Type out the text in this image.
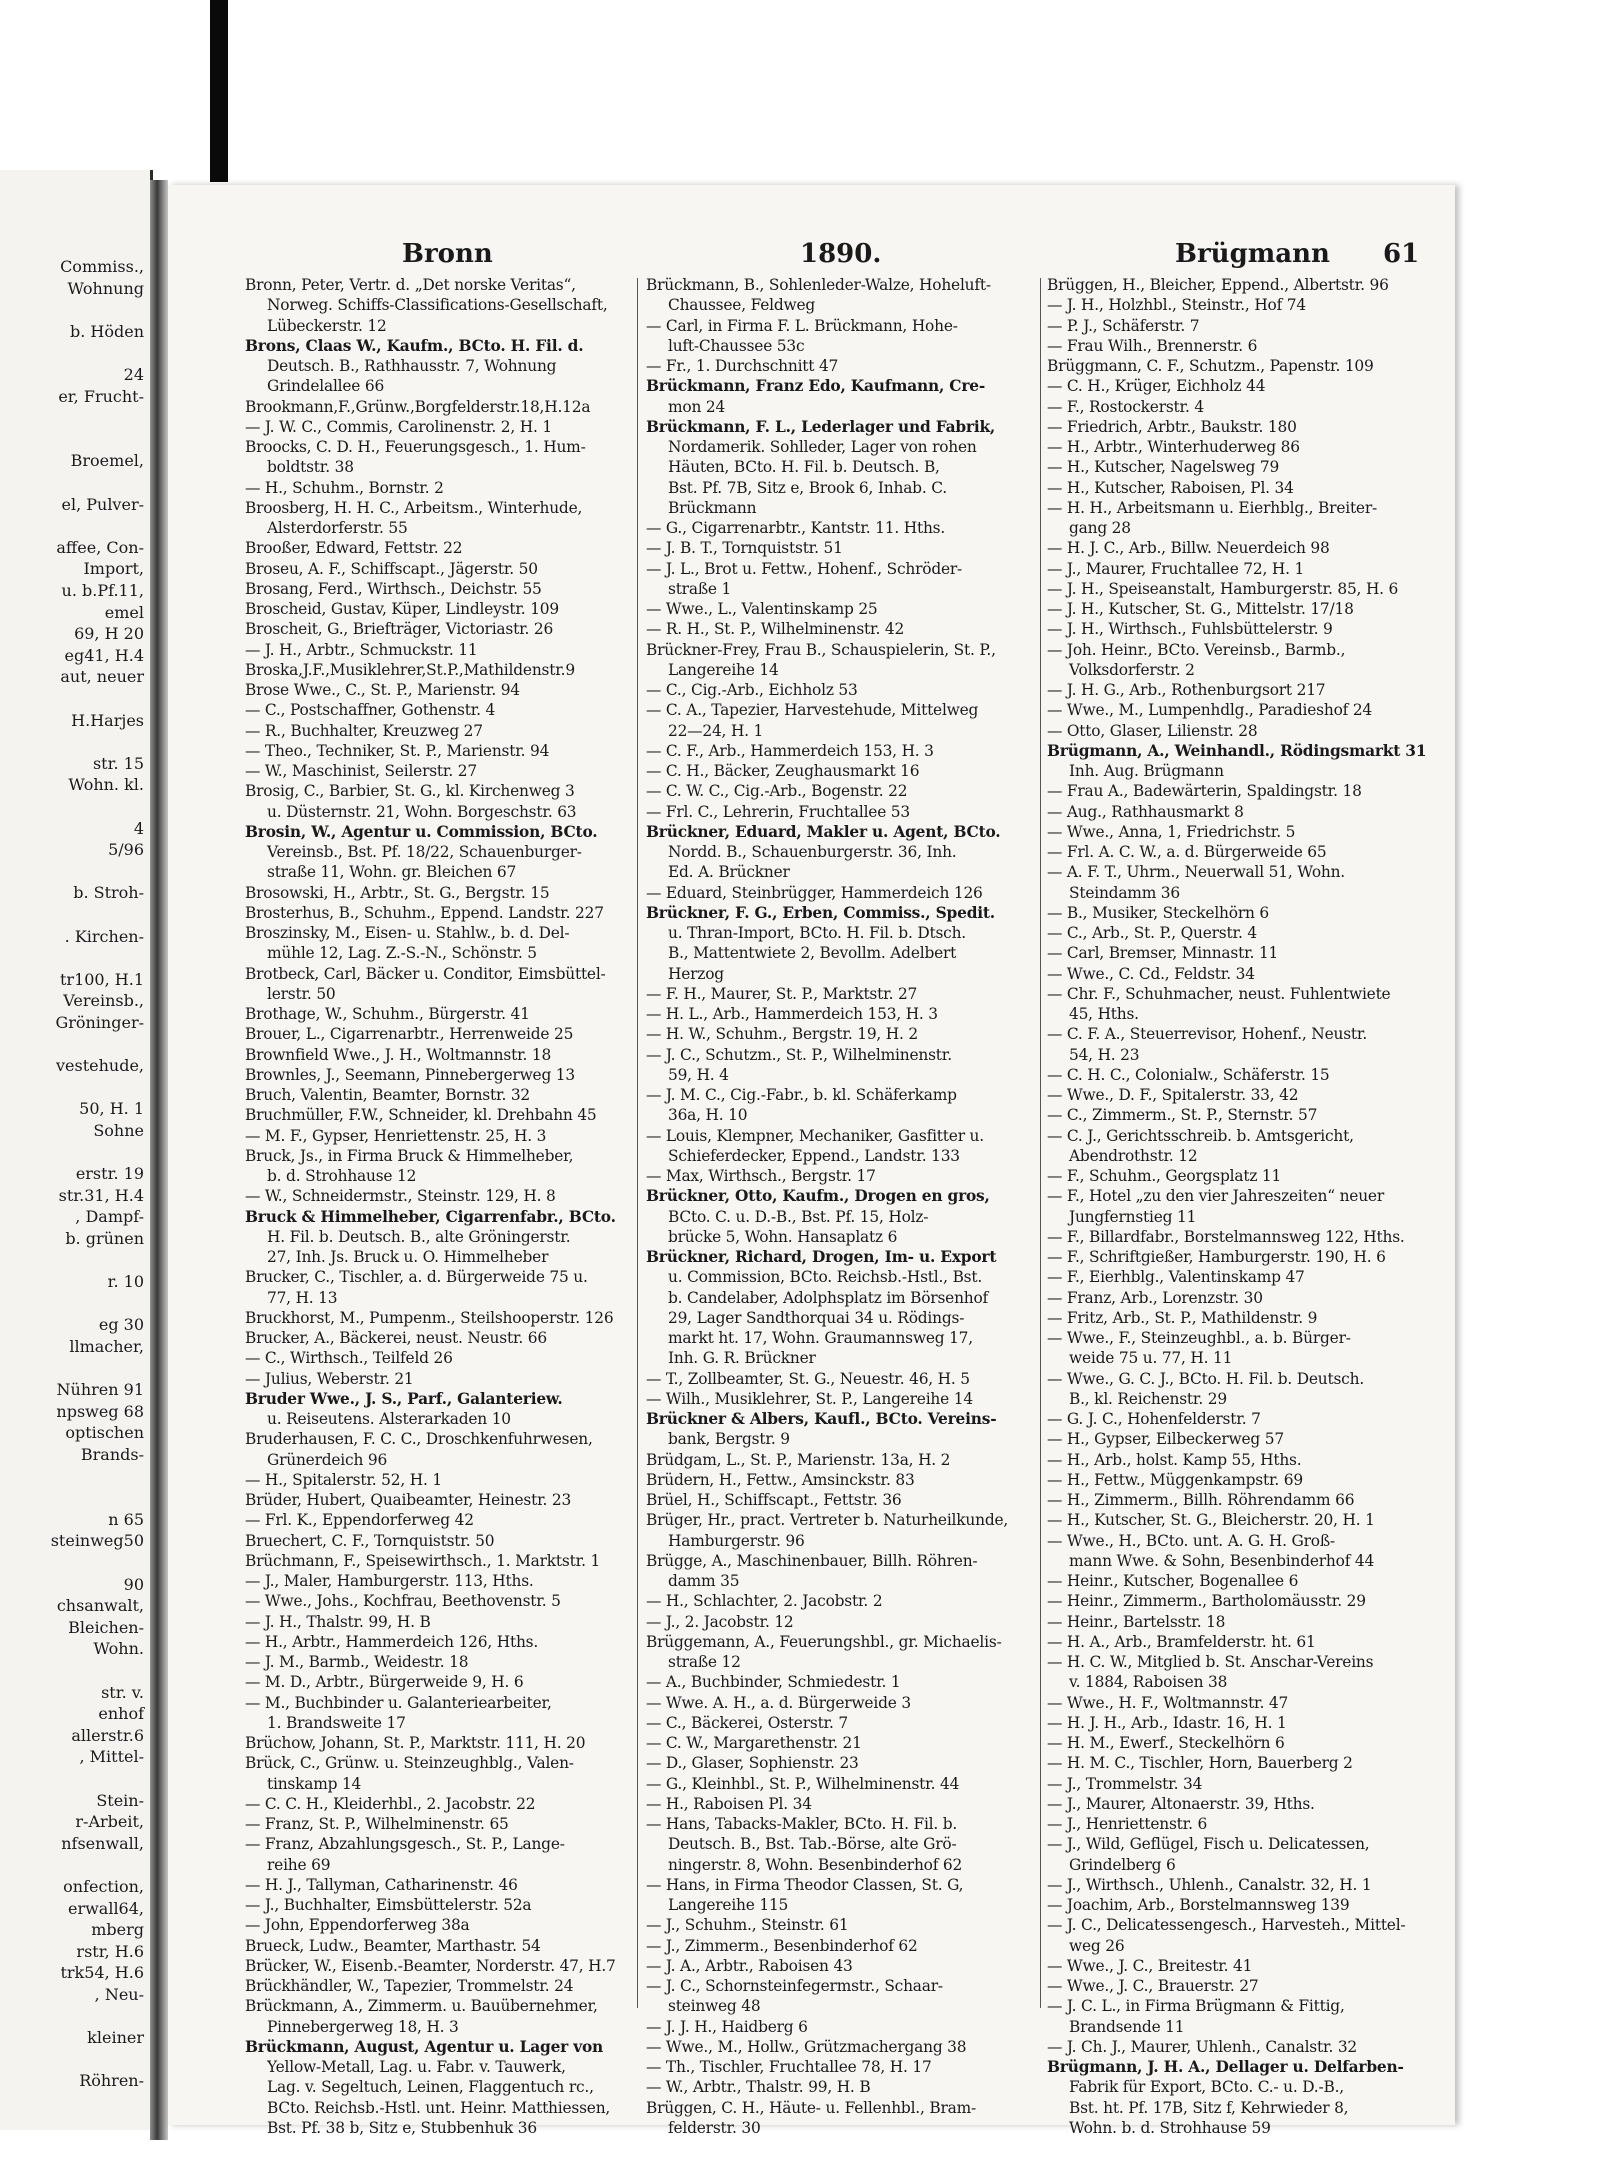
Bronn	1890.	Brügmann 61
Bronn, Peter, Vertr. d. „Det norske Veritas“,
Norweg. Schiffs-Classifications-Gesellschaft,
Lübeckerstr. 12
Brons, Claas W., Kaufm., BCto. H. Fil. d.
Deutsch. B., Rathhausstr. 7, Wohnung
Grindelallee 66
Brookmann,F.,Grünw.,Borgfelderstr.18,H.12a
— J. W. C., Commis, Carolinenstr. 2, H. 1
Broocks, C. D. H., Feuerungsgesch., 1. Hum-
boldtstr. 38
— H., Schuhm., Bornstr. 2
Broosberg, H. H. C., Arbeitsm., Winterhude,
Alsterdorferstr. 55
Brooßer, Edward, Fettstr. 22
Broseu, A. F., Schiffscapt., Jägerstr. 50
Brosang, Ferd., Wirthsch., Deichstr. 55
Broscheid, Gustav, Küper, Lindleystr. 109
Broscheit, G., Briefträger, Victoriastr. 26
— J. H., Arbtr., Schmuckstr. 11
Broska,J.F.,Musiklehrer,St.P.,Mathildenstr.9
Brose Wwe., C., St. P., Marienstr. 94
— C., Postschaffner, Gothenstr. 4
— R., Buchhalter, Kreuzweg 27
— Theo., Techniker, St. P., Marienstr. 94
— W., Maschinist, Seilerstr. 27
Brosig, C., Barbier, St. G., kl. Kirchenweg 3
u. Düsternstr. 21, Wohn. Borgeschstr. 63
Brosin, W., Agentur u. Commission, BCto.
Vereinsb., Bst. Pf. 18/22, Schauenburger-
straße 11, Wohn. gr. Bleichen 67
Brosowski, H., Arbtr., St. G., Bergstr. 15
Brosterhus, B., Schuhm., Eppend. Landstr. 227
Broszinsky, M., Eisen- u. Stahlw., b. d. Del-
mühle 12, Lag. Z.-S.-N., Schönstr. 5
Brotbeck, Carl, Bäcker u. Conditor, Eimsbüttel-
lerstr. 50
Brothage, W., Schuhm., Bürgerstr. 41
Brouer, L., Cigarrenarbtr., Herrenweide 25
Brownfield Wwe., J. H., Woltmannstr. 18
Brownles, J., Seemann, Pinnebergerweg 13
Bruch, Valentin, Beamter, Bornstr. 32
Bruchmüller, F.W., Schneider, kl. Drehbahn 45
— M. F., Gypser, Henriettenstr. 25, H. 3
Bruck, Js., in Firma Bruck & Himmelheber,
b. d. Strohhause 12
— W., Schneidermstr., Steinstr. 129, H. 8
Bruck & Himmelheber, Cigarrenfabr., BCto.
H. Fil. b. Deutsch. B., alte Gröningerstr.
27, Inh. Js. Bruck u. O. Himmelheber
Brucker, C., Tischler, a. d. Bürgerweide 75 u.
77, H. 13
Bruckhorst, M., Pumpenm., Steilshooperstr. 126
Brucker, A., Bäckerei, neust. Neustr. 66
— C., Wirthsch., Teilfeld 26
— Julius, Weberstr. 21
Bruder Wwe., J. S., Parf., Galanteriew.
u. Reiseutens. Alsterarkaden 10
Bruderhausen, F. C. C., Droschkenfuhrwesen,
Grünerdeich 96
— H., Spitalerstr. 52, H. 1
Brüder, Hubert, Quaibeamter, Heinestr. 23
— Frl. K., Eppendorferweg 42
Bruechert, C. F., Tornquiststr. 50
Brüchmann, F., Speisewirthsch., 1. Marktstr. 1
— J., Maler, Hamburgerstr. 113, Hths.
— Wwe., Johs., Kochfrau, Beethovenstr. 5
— J. H., Thalstr. 99, H. B
— H., Arbtr., Hammerdeich 126, Hths.
— J. M., Barmb., Weidestr. 18
— M. D., Arbtr., Bürgerweide 9, H. 6
— M., Buchbinder u. Galanteriearbeiter,
1. Brandsweite 17
Brüchow, Johann, St. P., Marktstr. 111, H. 20
Brück, C., Grünw. u. Steinzeughblg., Valen-
tinskamp 14
— C. C. H., Kleiderhbl., 2. Jacobstr. 22
— Franz, St. P., Wilhelminenstr. 65
— Franz, Abzahlungsgesch., St. P., Lange-
reihe 69
— H. J., Tallyman, Catharinenstr. 46
— J., Buchhalter, Eimsbüttelerstr. 52a
— John, Eppendorferweg 38a
Brueck, Ludw., Beamter, Marthastr. 54
Brücker, W., Eisenb.-Beamter, Norderstr. 47, H.7
Brückhändler, W., Tapezier, Trommelstr. 24
Brückmann, A., Zimmerm. u. Bauübernehmer,
Pinnebergerweg 18, H. 3
Brückmann, August, Agentur u. Lager von
Yellow-Metall, Lag. u. Fabr. v. Tauwerk,
Lag. v. Segeltuch, Leinen, Flaggentuch rc.,
BCto. Reichsb.-Hstl. unt. Heinr. Matthiessen,
Bst. Pf. 38 b, Sitz e, Stubbenhuk 36
Brückmann, B., Sohlenleder-Walze, Hoheluft-
Chaussee, Feldweg
— Carl, in Firma F. L. Brückmann, Hohe-
luft-Chaussee 53c
— Fr., 1. Durchschnitt 47
Brückmann, Franz Edo, Kaufmann, Cre-
mon 24
Brückmann, F. L., Lederlager und Fabrik,
Nordamerik. Sohlleder, Lager von rohen
Häuten, BCto. H. Fil. b. Deutsch. B,
Bst. Pf. 7B, Sitz e, Brook 6, Inhab. C.
Brückmann
— G., Cigarrenarbtr., Kantstr. 11. Hths.
— J. B. T., Tornquiststr. 51
— J. L., Brot u. Fettw., Hohenf., Schröder-
straße 1
— Wwe., L., Valentinskamp 25
— R. H., St. P., Wilhelminenstr. 42
Brückner-Frey, Frau B., Schauspielerin, St. P.,
Langereihe 14
— C., Cig.-Arb., Eichholz 53
— C. A., Tapezier, Harvestehude, Mittelweg
22—24, H. 1
— C. F., Arb., Hammerdeich 153, H. 3
— C. H., Bäcker, Zeughausmarkt 16
— C. W. C., Cig.-Arb., Bogenstr. 22
— Frl. C., Lehrerin, Fruchtallee 53
Brückner, Eduard, Makler u. Agent, BCto.
Nordd. B., Schauenburgerstr. 36, Inh.
Ed. A. Brückner
— Eduard, Steinbrügger, Hammerdeich 126
Brückner, F. G., Erben, Commiss., Spedit.
u. Thran-Import, BCto. H. Fil. b. Dtsch.
B., Mattentwiete 2, Bevollm. Adelbert
Herzog
— F. H., Maurer, St. P., Marktstr. 27
— H. L., Arb., Hammerdeich 153, H. 3
— H. W., Schuhm., Bergstr. 19, H. 2
— J. C., Schutzm., St. P., Wilhelminenstr.
59, H. 4
— J. M. C., Cig.-Fabr., b. kl. Schäferkamp
36a, H. 10
— Louis, Klempner, Mechaniker, Gasfitter u.
Schieferdecker, Eppend., Landstr. 133
— Max, Wirthsch., Bergstr. 17
Brückner, Otto, Kaufm., Drogen en gros,
BCto. C. u. D.-B., Bst. Pf. 15, Holz-
brücke 5, Wohn. Hansaplatz 6
Brückner, Richard, Drogen, Im- u. Export
u. Commission, BCto. Reichsb.-Hstl., Bst.
b. Candelaber, Adolphsplatz im Börsenhof
29, Lager Sandthorquai 34 u. Rödings-
markt ht. 17, Wohn. Graumannsweg 17,
Inh. G. R. Brückner
— T., Zollbeamter, St. G., Neuestr. 46, H. 5
— Wilh., Musiklehrer, St. P., Langereihe 14
Brückner & Albers, Kaufl., BCto. Vereins-
bank, Bergstr. 9
Brüdgam, L., St. P., Marienstr. 13a, H. 2
Brüdern, H., Fettw., Amsinckstr. 83
Brüel, H., Schiffscapt., Fettstr. 36
Brüger, Hr., pract. Vertreter b. Naturheilkunde,
Hamburgerstr. 96
Brügge, A., Maschinenbauer, Billh. Röhren-
damm 35
— H., Schlachter, 2. Jacobstr. 2
— J., 2. Jacobstr. 12
Brüggemann, A., Feuerungshbl., gr. Michaelis-
straße 12
— A., Buchbinder, Schmiedestr. 1
— Wwe. A. H., a. d. Bürgerweide 3
— C., Bäckerei, Osterstr. 7
— C. W., Margarethenstr. 21
— D., Glaser, Sophienstr. 23
— G., Kleinhbl., St. P., Wilhelminenstr. 44
— H., Raboisen Pl. 34
— Hans, Tabacks-Makler, BCto. H. Fil. b.
Deutsch. B., Bst. Tab.-Börse, alte Grö-
ningerstr. 8, Wohn. Besenbinderhof 62
— Hans, in Firma Theodor Classen, St. G,
Langereihe 115
— J., Schuhm., Steinstr. 61
— J., Zimmerm., Besenbinderhof 62
— J. A., Arbtr., Raboisen 43
— J. C., Schornsteinfegermstr., Schaar-
steinweg 48
— J. J. H., Haidberg 6
— Wwe., M., Hollw., Grützmachergang 38
— Th., Tischler, Fruchtallee 78, H. 17
— W., Arbtr., Thalstr. 99, H. B
Brüggen, C. H., Häute- u. Fellenhbl., Bram-
felderstr. 30
Brüggen, H., Bleicher, Eppend., Albertstr. 96
— J. H., Holzhbl., Steinstr., Hof 74
— P. J., Schäferstr. 7
— Frau Wilh., Brennerstr. 6
Brüggmann, C. F., Schutzm., Papenstr. 109
— C. H., Krüger, Eichholz 44
— F., Rostockerstr. 4
— Friedrich, Arbtr., Baukstr. 180
— H., Arbtr., Winterhuderweg 86
— H., Kutscher, Nagelsweg 79
— H., Kutscher, Raboisen, Pl. 34
— H. H., Arbeitsmann u. Eierhblg., Breiter-
gang 28
— H. J. C., Arb., Billw. Neuerdeich 98
— J., Maurer, Fruchtallee 72, H. 1
— J. H., Speiseanstalt, Hamburgerstr. 85, H. 6
— J. H., Kutscher, St. G., Mittelstr. 17/18
— J. H., Wirthsch., Fuhlsbüttelerstr. 9
— Joh. Heinr., BCto. Vereinsb., Barmb.,
Volksdorferstr. 2
— J. H. G., Arb., Rothenburgsort 217
— Wwe., M., Lumpenhdlg., Paradieshof 24
— Otto, Glaser, Lilienstr. 28
Brügmann, A., Weinhandl., Rödingsmarkt 31
Inh. Aug. Brügmann
— Frau A., Badewärterin, Spaldingstr. 18
— Aug., Rathhausmarkt 8
— Wwe., Anna, 1, Friedrichstr. 5
— Frl. A. C. W., a. d. Bürgerweide 65
— A. F. T., Uhrm., Neuerwall 51, Wohn.
Steindamm 36
— B., Musiker, Steckelhörn 6
— C., Arb., St. P., Querstr. 4
— Carl, Bremser, Minnastr. 11
— Wwe., C. Cd., Feldstr. 34
— Chr. F., Schuhmacher, neust. Fuhlentwiete
45, Hths.
— C. F. A., Steuerrevisor, Hohenf., Neustr.
54, H. 23
— C. H. C., Colonialw., Schäferstr. 15
— Wwe., D. F., Spitalerstr. 33, 42
— C., Zimmerm., St. P., Sternstr. 57
— C. J., Gerichtsschreib. b. Amtsgericht,
Abendrothstr. 12
— F., Schuhm., Georgsplatz 11
— F., Hotel „zu den vier Jahreszeiten“ neuer
Jungfernstieg 11
— F., Billardfabr., Borstelmannsweg 122, Hths.
— F., Schriftgießer, Hamburgerstr. 190, H. 6
— F., Eierhblg., Valentinskamp 47
— Franz, Arb., Lorenzstr. 30
— Fritz, Arb., St. P., Mathildenstr. 9
— Wwe., F., Steinzeughbl., a. b. Bürger-
weide 75 u. 77, H. 11
— Wwe., G. C. J., BCto. H. Fil. b. Deutsch.
B., kl. Reichenstr. 29
— G. J. C., Hohenfelderstr. 7
— H., Gypser, Eilbeckerweg 57
— H., Arb., holst. Kamp 55, Hths.
— H., Fettw., Müggenkampstr. 69
— H., Zimmerm., Billh. Röhrendamm 66
— H., Kutscher, St. G., Bleicherstr. 20, H. 1
— Wwe., H., BCto. unt. A. G. H. Groß-
mann Wwe. & Sohn, Besenbinderhof 44
— Heinr., Kutscher, Bogenallee 6
— Heinr., Zimmerm., Bartholomäusstr. 29
— Heinr., Bartelsstr. 18
— H. A., Arb., Bramfelderstr. ht. 61
— H. C. W., Mitglied b. St. Anschar-Vereins
v. 1884, Raboisen 38
— Wwe., H. F., Woltmannstr. 47
— H. J. H., Arb., Idastr. 16, H. 1
— H. M., Ewerf., Steckelhörn 6
— H. M. C., Tischler, Horn, Bauerberg 2
— J., Trommelstr. 34
— J., Maurer, Altonaerstr. 39, Hths.
— J., Henriettenstr. 6
— J., Wild, Geflügel, Fisch u. Delicatessen,
Grindelberg 6
— J., Wirthsch., Uhlenh., Canalstr. 32, H. 1
— Joachim, Arb., Borstelmannsweg 139
— J. C., Delicatessengesch., Harvesteh., Mittel-
weg 26
— Wwe., J. C., Breitestr. 41
— Wwe., J. C., Brauerstr. 27
— J. C. L., in Firma Brügmann & Fittig,
Brandsende 11
— J. Ch. J., Maurer, Uhlenh., Canalstr. 32
Brügmann, J. H. A., Dellager u. Delfarben-
Fabrik für Export, BCto. C.- u. D.-B.,
Bst. ht. Pf. 17B, Sitz f, Kehrwieder 8,
Wohn. b. d. Strohhause 59
Commiss.,
Wohnung
b. Höden
24
er, Frucht-
Broemel,
el, Pulver-
affee, Con-
Import,
u. b.Pf.11,
emel
69, H 20
eg41, H.4
aut, neuer
H.Harjes
str. 15
Wohn. kl.
4
5/96
b. Stroh-
. Kirchen-
tr100, H.1
Vereinsb.,
Gröninger-
vestehude,
50, H. 1
Sohne
erstr. 19
str.31, H.4
, Dampf-
b. grünen
r. 10
eg 30
llmacher,
Nühren 91
npsweg 68
optischen
Brands-
n 65
steinweg50
90
chsanwalt,
Bleichen-
Wohn.
str. v.
enhof
allerstr.6
, Mittel-
Stein-
r-Arbeit,
nfsenwall,
onfection,
erwall64,
mberg
rstr, H.6
trk54, H.6
, Neu-
kleiner
Röhren-
